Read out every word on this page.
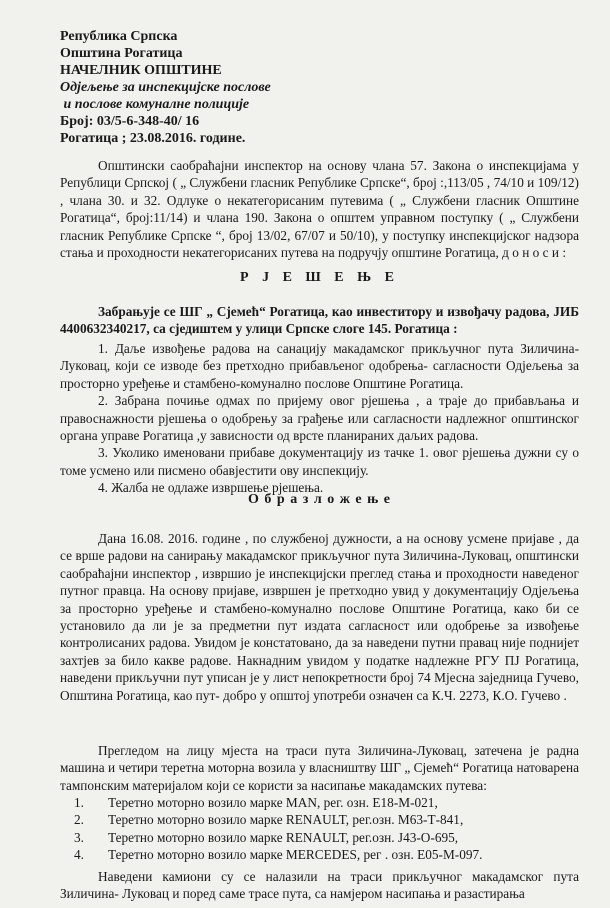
Република Српска
Општина Рогатица
НАЧЕЛНИК ОПШТИНЕ
Одјељење за инспекцијске послове
и послове комуналне полиције
Број: 03/5-6-348-40/ 16
Рогатица ; 23.08.2016. године.
Општински саобраћајни инспектор на основу члана 57. Закона о инспекцијама у Републици Српској ( „ Службени гласник Републике Српске“, број :,113/05 , 74/10 и 109/12) , члана 30. и 32. Одлуке о некатегорисаним путевима ( „ Службени гласник Општине Рогатица“, број:11/14) и члана 190. Закона о општем управном поступку ( „ Службени гласник Републике Српске “, број 13/02, 67/07 и 50/10), у поступку инспекцијског надзора стања и проходности некатегорисаних путева на подручју општине Рогатица, д о н о с и :
Р Ј Е Ш Е Њ Е
Забрањује се ШГ „ Сјемећ“ Рогатица, као инвеститору и извођачу радова, ЈИБ 4400632340217, са сједиштем у улици Српске слоге 145. Рогатица :
1. Даље извођење радова на санацију макадамског прикључног пута Зиличина-Луковац, који се изводе без претходно прибављеног одобрења- сагласности Одјељења за просторно уређење и стамбено-комунално послове Општине Рогатица.
2. Забрана почиње одмах по пријему овог рјешења , а траје до прибављања и правоснажности рјешења о одобрењу за грађење или сагласности надлежног општинског органа управе Рогатица ,у зависности од врсте планираних даљих радова.
3. Уколико именовани прибаве документацију из тачке 1. овог рјешења дужни су о томе усмено или писмено обавјестити ову инспекцију.
4. Жалба не одлаже извршење рјешења.
О б р а з л о ж е њ е
Дана 16.08. 2016. године , по службеној дужности, а на основу усмене пријаве , да се врше радови на санирању макадамског прикључног пута Зиличина-Луковац, општински саобраћајни инспектор , извршио је инспекцијски преглед стања и проходности наведеног путног правца. На основу пријаве, извршен је претходно увид у документацију Одјељења за просторно уређење и стамбено-комунално послове Општине Рогатица, како би се установило да ли је за предметни пут издата сагласност или одобрење за извођење контролисаних радова. Увидом је констатовано, да за наведени путни правац није поднијет захтјев за било какве радове. Накнадним увидом у податке надлежне РГУ ПЈ Рогатица, наведени прикључни пут уписан је у лист непокретности број 74 Мјесна заједница Гучево, Општина Рогатица, као пут- добро у општој употреби означен са К.Ч. 2273, К.О. Гучево .
Прегледом на лицу мјеста на траси пута Зиличина-Луковац, затечена је радна машина и четири теретна моторна возила у власништву ШГ „ Сјемећ“ Рогатица натоварена тампонским материјалом који се користи за насипање макадамских путева:
1. Теретно моторно возило марке MAN, рег. озн. Е18-М-021,
2. Теретно моторно возило марке RENAULT, рег.озн. М63-Т-841,
3. Теретно моторно возило марке RENAULT, рег.озн. Ј43-О-695,
4. Теретно моторно возило марке MERCEDES, рег . озн. Е05-М-097.
Наведени камиони су се налазили на траси прикључног макадамског пута Зиличина- Луковац и поред саме трасе пута, са намјером насипања и разастирања
